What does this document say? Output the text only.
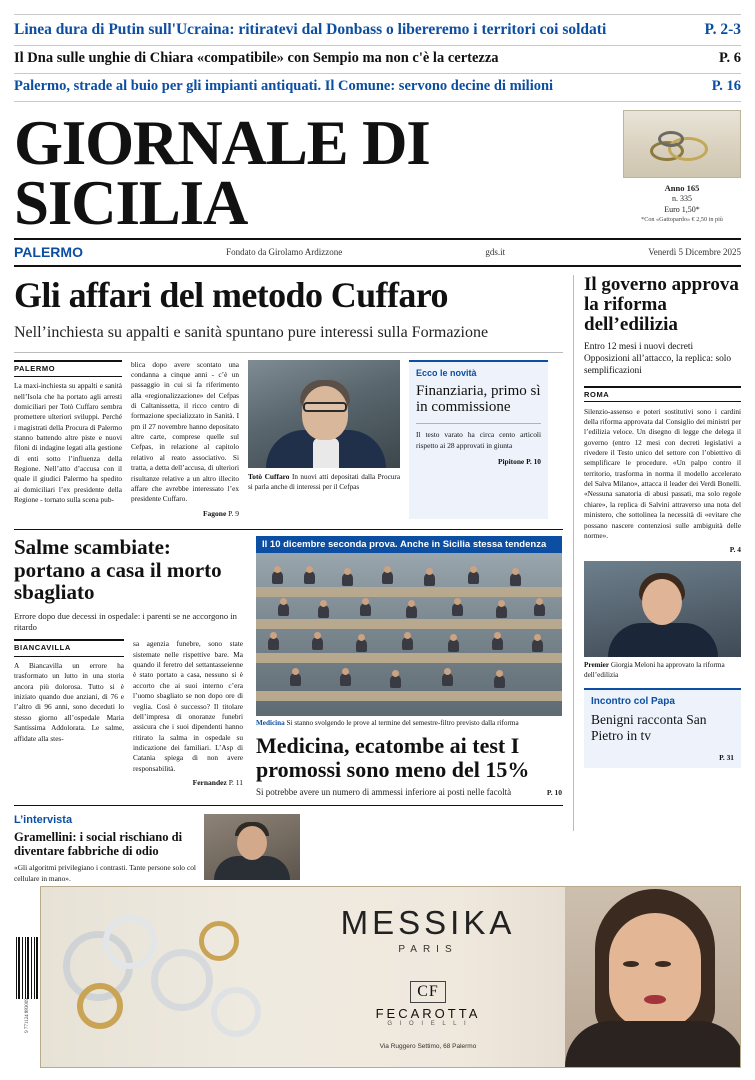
Linea dura di Putin sull'Ucraina: ritiratevi dal Donbass o libereremo i territori coi soldati	P. 2-3
Il Dna sulle unghie di Chiara «compatibile» con Sempio ma non c'è la certezza	P. 6
Palermo, strade al buio per gli impianti antiquati. Il Comune: servono decine di milioni	P. 16
GIORNALE DI SICILIA	Anno 165
n. 335
Euro 1,50*
*Con «Gattopardo» € 2,50 in più
PALERMO	Fondato da Girolamo Ardizzone	gds.it	Venerdì 5 Dicembre 2025
Gli affari del metodo Cuffaro
Nell’inchiesta su appalti e sanità spuntano pure interessi sulla Formazione
PALERMO
La maxi-inchiesta su appalti e sanità nell’Isola che ha portato agli arresti domiciliari per Totò Cuffaro sembra promettere ulteriori sviluppi. Perché i magistrati della Procura di Palermo stanno battendo altre piste e nuovi filoni di indagine legati alla gestione di enti sotto l’influenza della Regione. Nell’atto d’accusa con il quale il giudici Palermo ha spedito ai domiciliari l’ex presidente della Regione - tornato sulla scena pub-
blica dopo avere scontato una condanna a cinque anni - c’è un passaggio in cui si fa riferimento alla «regionalizzazione» del Cefpas di Caltanissetta, il ricco centro di formazione specializzato in Sanità. I pm il 27 novembre hanno depositato altre carte, comprese quelle sul Cefpas, in relazione al capitolo relativo al reato associativo. Si tratta, a detta dell’accusa, di ulteriori risultanze relative a un altro illecito affare che avrebbe interessato l’ex presidente Cuffaro.
Fagone P. 9
Totò Cuffaro In nuovi atti depositati dalla Procura si parla anche di interessi per il Cefpas
Ecco le novità
Finanziaria, primo sì in commissione
Il testo varato ha circa cento articoli rispetto ai 28 approvati in giunta
Pipitone P. 10
Salme scambiate: portano a casa il morto sbagliato
Errore dopo due decessi in ospedale: i parenti se ne accorgono in ritardo
BIANCAVILLA
A Biancavilla un errore ha trasformato un lutto in una storia ancora più dolorosa. Tutto si è iniziato quando due anziani, di 76 e l’altro di 96 anni, sono deceduti lo stesso giorno all’ospedale Maria Santissima Addolorata. Le salme, affidate alla stes-
sa agenzia funebre, sono state sistemate nelle rispettive bare. Ma quando il feretro del settantasseienne è stato portato a casa, nessuno si è accorto che ai suoi interno c’era l’uomo sbagliato se non dopo ore di veglia. Così è successo? Il titolare dell’impresa di onoranze funebri assicura che i suoi dipendenti hanno ritirato la salma in ospedale su indicazione dei familiari. L’Asp di Catania spiega di non avere responsabilità.
Fernandez P. 11
Il 10 dicembre seconda prova. Anche in Sicilia stessa tendenza
Medicina Si stanno svolgendo le prove al termine del semestre-filtro previsto dalla riforma
Medicina, ecatombe ai test I promossi sono meno del 15%
Si potrebbe avere un numero di ammessi inferiore ai posti nelle facoltà	P. 10
L’intervista
Gramellini: i social rischiano di diventare fabbriche di odio
«Gli algoritmi privilegiano i contrasti. Tante persone solo col cellulare in mano».
Il governo approva la riforma dell’edilizia
Entro 12 mesi i nuovi decreti Opposizioni all’attacco, la replica: solo semplificazioni
ROMA
Silenzio-assenso e poteri sostitutivi sono i cardini della riforma approvata dal Consiglio dei ministri per l’edilizia veloce. Un disegno di legge che delega il governo (entro 12 mesi con decreti legislativi a rivedere il Testo unico del settore con l’obiettivo di semplificare le procedure. «Un palpo contro il territorio, trasforma in norma il modello accelerato del Salva Milano», attacca il leader dei Verdi Bonelli. «Nessuna sanatoria di abusi passati, ma solo regole chiare», la replica di Salvini attraverso una nota del ministero, che sottolinea la necessità di «evitare che possano nascere contenziosi sulle ambiguità delle norme».
P. 4
Premier Giorgia Meloni ha approvato la riforma dell’edilizia
Incontro col Papa
Benigni racconta San Pietro in tv
P. 31
9 771124 883009
MESSIKA
PARIS
CF
FECAROTTA
G I O I E L L I
Via Ruggero Settimo, 68 Palermo
